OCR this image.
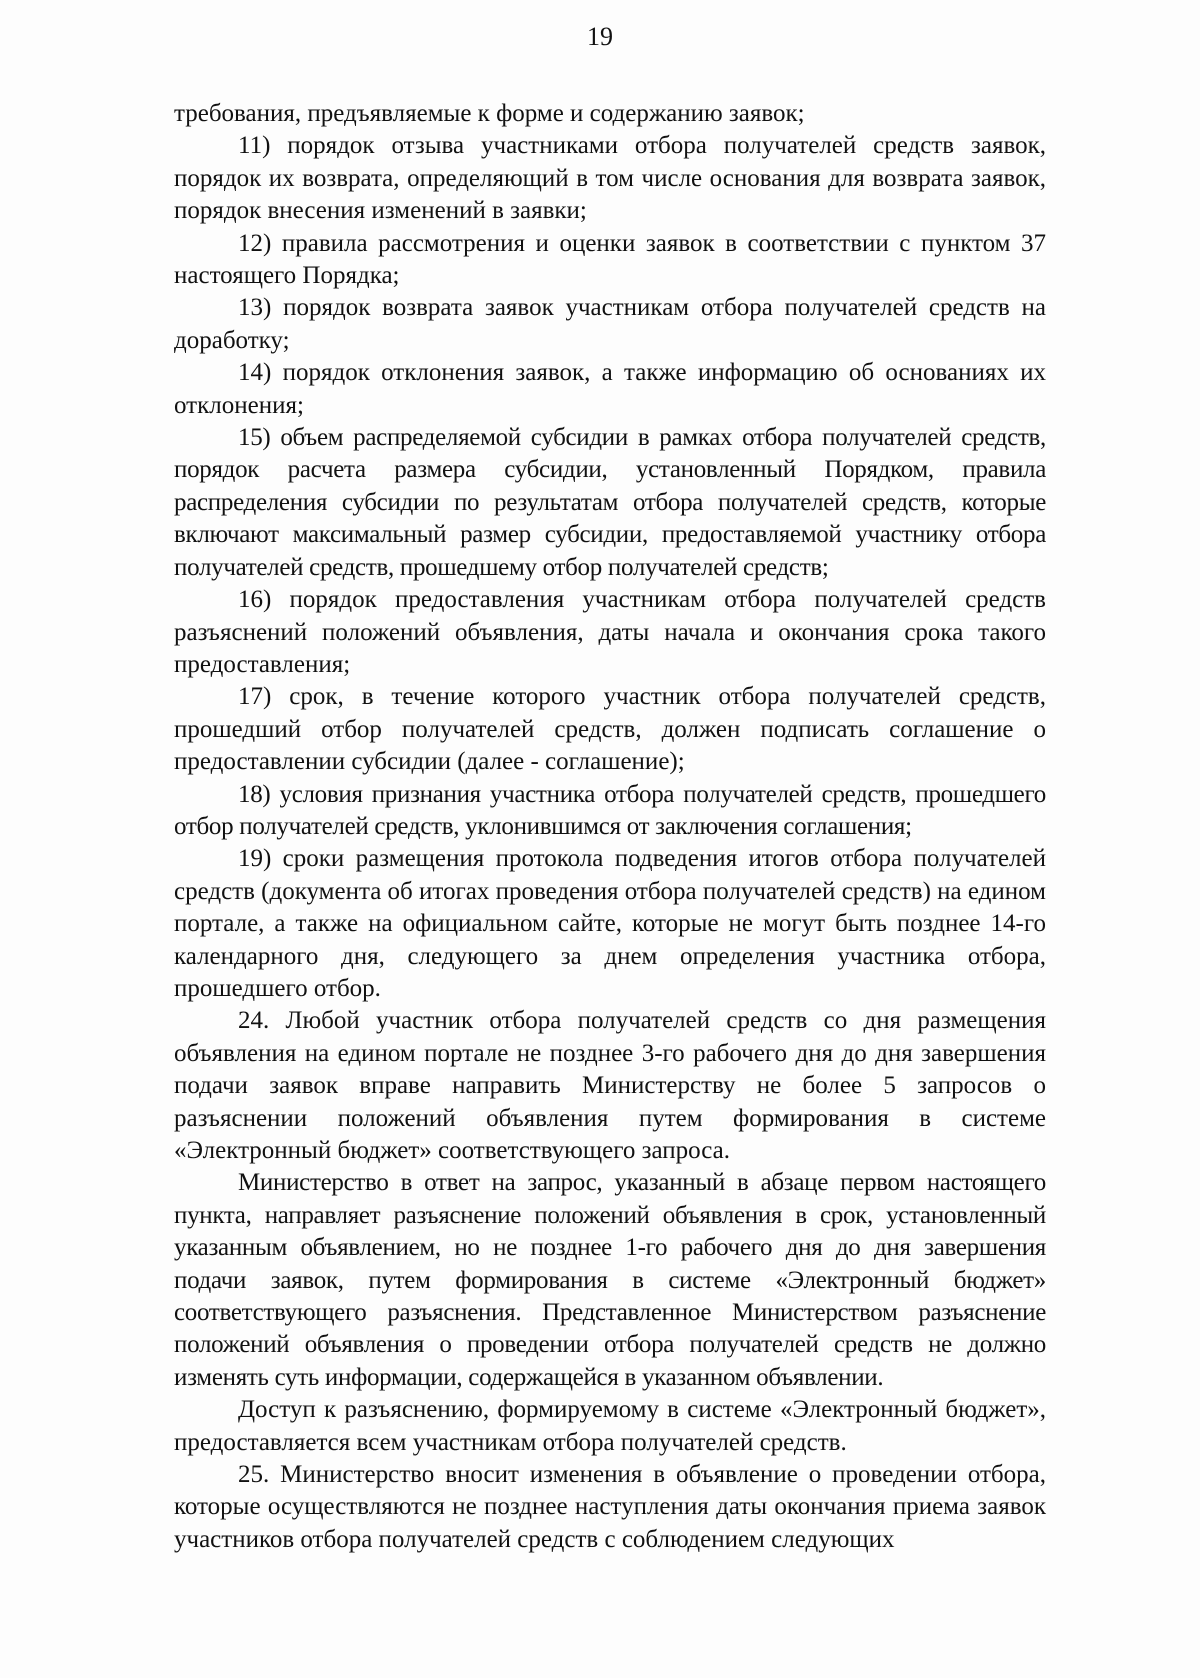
19

требования, предъявляемые к форме и содержанию заявок;

11) порядок отзыва участниками отбора получателей средств заявок, порядок их возврата, определяющий в том числе основания для возврата заявок, порядок внесения изменений в заявки;

12) правила рассмотрения и оценки заявок в соответствии с пунктом 37 настоящего Порядка;

13) порядок возврата заявок участникам отбора получателей средств на доработку;

14) порядок отклонения заявок, а также информацию об основаниях их отклонения;

15) объем распределяемой субсидии в рамках отбора получателей средств, порядок расчета размера субсидии, установленный Порядком, правила распределения субсидии по результатам отбора получателей средств, которые включают максимальный размер субсидии, предоставляемой участнику отбора получателей средств, прошедшему отбор получателей средств;

16) порядок предоставления участникам отбора получателей средств разъяснений положений объявления, даты начала и окончания срока такого предоставления;

17) срок, в течение которого участник отбора получателей средств, прошедший отбор получателей средств, должен подписать соглашение о предоставлении субсидии (далее - соглашение);

18) условия признания участника отбора получателей средств, прошедшего отбор получателей средств, уклонившимся от заключения соглашения;

19) сроки размещения протокола подведения итогов отбора получателей средств (документа об итогах проведения отбора получателей средств) на едином портале, а также на официальном сайте, которые не могут быть позднее 14-го календарного дня, следующего за днем определения участника отбора, прошедшего отбор.

24. Любой участник отбора получателей средств со дня размещения объявления на едином портале не позднее 3-го рабочего дня до дня завершения подачи заявок вправе направить Министерству не более 5 запросов о разъяснении положений объявления путем формирования в системе «Электронный бюджет» соответствующего запроса.

Министерство в ответ на запрос, указанный в абзаце первом настоящего пункта, направляет разъяснение положений объявления в срок, установленный указанным объявлением, но не позднее 1-го рабочего дня до дня завершения подачи заявок, путем формирования в системе «Электронный бюджет» соответствующего разъяснения. Представленное Министерством разъяснение положений объявления о проведении отбора получателей средств не должно изменять суть информации, содержащейся в указанном объявлении.

Доступ к разъяснению, формируемому в системе «Электронный бюджет», предоставляется всем участникам отбора получателей средств.

25. Министерство вносит изменения в объявление о проведении отбора, которые осуществляются не позднее наступления даты окончания приема заявок участников отбора получателей средств с соблюдением следующих
